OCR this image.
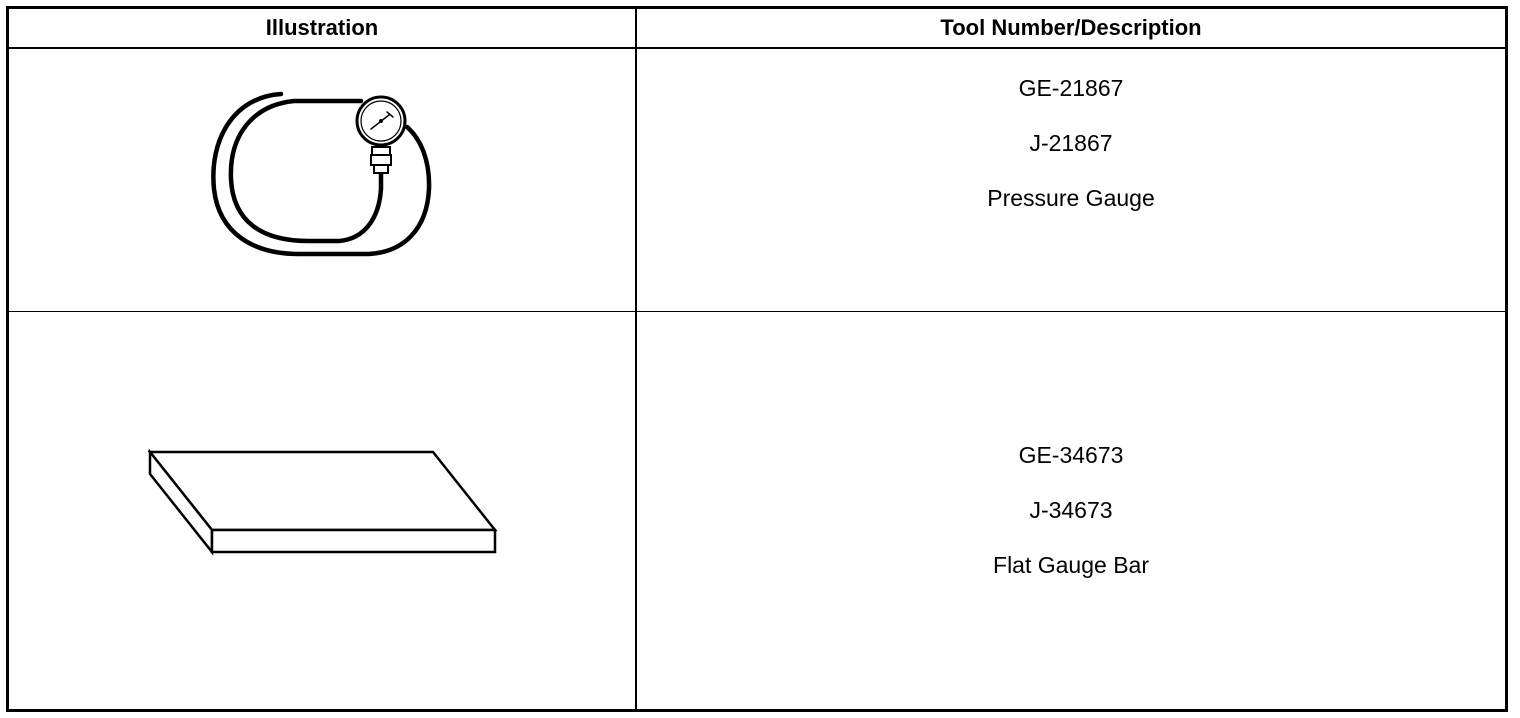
Illustration	Tool Number/Description
GE-21867
J-21867
Pressure Gauge
GE-34673
J-34673
Flat Gauge Bar
